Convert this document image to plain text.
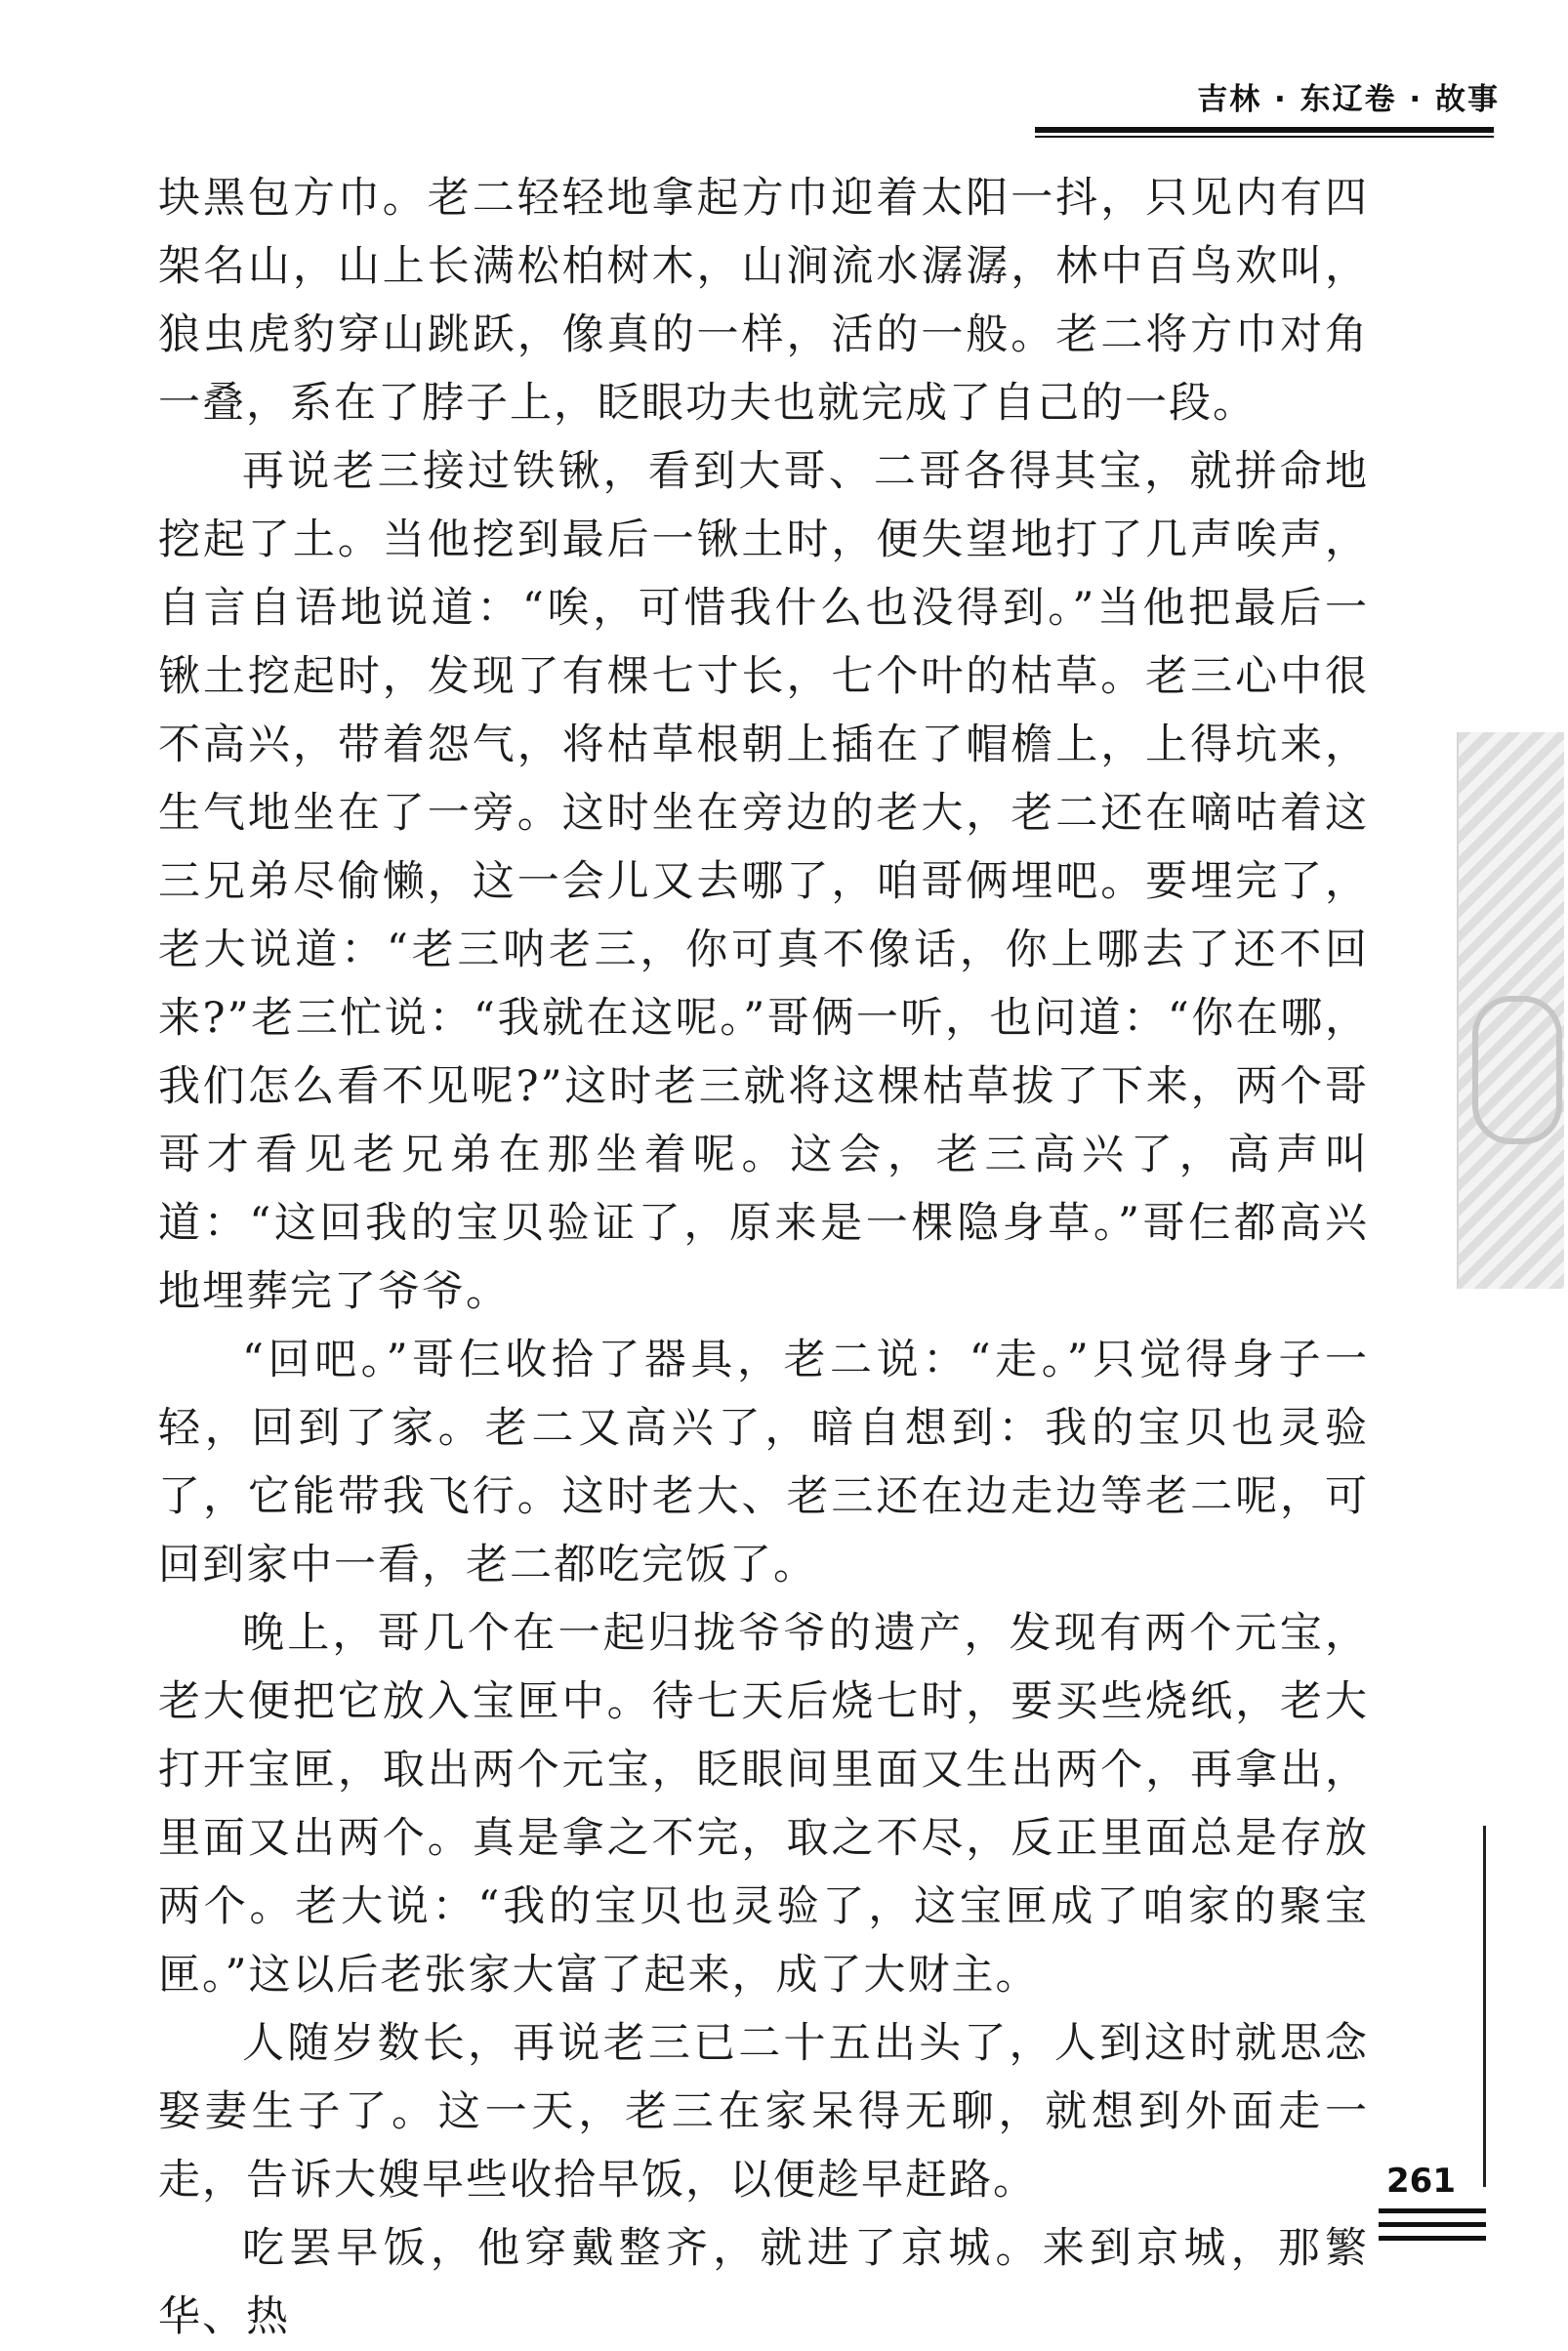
吉林 · 东辽卷 · 故事

块黑包方巾。老二轻轻地拿起方巾迎着太阳一抖，只见内有四架名山，山上长满松柏树木，山涧流水潺潺，林中百鸟欢叫，狼虫虎豹穿山跳跃，像真的一样，活的一般。老二将方巾对角一叠，系在了脖子上，眨眼功夫也就完成了自己的一段。

再说老三接过铁锹，看到大哥、二哥各得其宝，就拼命地挖起了土。当他挖到最后一锹土时，便失望地打了几声唉声，自言自语地说道：“唉，可惜我什么也没得到。”当他把最后一锹土挖起时，发现了有棵七寸长，七个叶的枯草。老三心中很不高兴，带着怨气，将枯草根朝上插在了帽檐上，上得坑来，生气地坐在了一旁。这时坐在旁边的老大，老二还在嘀咕着这三兄弟尽偷懒，这一会儿又去哪了，咱哥俩埋吧。要埋完了，老大说道：“老三呐老三，你可真不像话，你上哪去了还不回来?”老三忙说：“我就在这呢。”哥俩一听，也问道：“你在哪，我们怎么看不见呢?”这时老三就将这棵枯草拔了下来，两个哥哥才看见老兄弟在那坐着呢。这会，老三高兴了，高声叫道：“这回我的宝贝验证了，原来是一棵隐身草。”哥仨都高兴地埋葬完了爷爷。

“回吧。”哥仨收拾了器具，老二说：“走。”只觉得身子一轻，回到了家。老二又高兴了，暗自想到：我的宝贝也灵验了，它能带我飞行。这时老大、老三还在边走边等老二呢，可回到家中一看，老二都吃完饭了。

晚上，哥几个在一起归拢爷爷的遗产，发现有两个元宝，老大便把它放入宝匣中。待七天后烧七时，要买些烧纸，老大打开宝匣，取出两个元宝，眨眼间里面又生出两个，再拿出，里面又出两个。真是拿之不完，取之不尽，反正里面总是存放两个。老大说：“我的宝贝也灵验了，这宝匣成了咱家的聚宝匣。”这以后老张家大富了起来，成了大财主。

人随岁数长，再说老三已二十五出头了，人到这时就思念娶妻生子了。这一天，老三在家呆得无聊，就想到外面走一走，告诉大嫂早些收拾早饭，以便趁早赶路。

吃罢早饭，他穿戴整齐，就进了京城。来到京城，那繁华、热

261
